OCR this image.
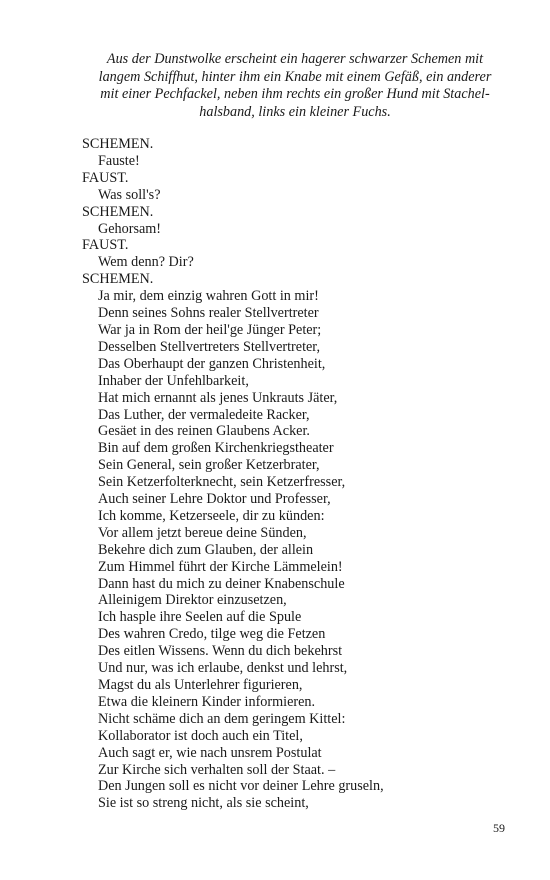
Aus der Dunstwolke erscheint ein hagerer schwarzer Schemen mit
langem Schiffhut, hinter ihm ein Knabe mit einem Gefäß, ein anderer
mit einer Pechfackel, neben ihm rechts ein großer Hund mit Stachel-
halsband, links ein kleiner Fuchs.

SCHEMEN.
Fauste!
FAUST.
Was soll's?
SCHEMEN.
Gehorsam!
FAUST.
Wem denn? Dir?
SCHEMEN.
Ja mir, dem einzig wahren Gott in mir!
Denn seines Sohns realer Stellvertreter
War ja in Rom der heil'ge Jünger Peter;
Desselben Stellvertreters Stellvertreter,
Das Oberhaupt der ganzen Christenheit,
Inhaber der Unfehlbarkeit,
Hat mich ernannt als jenes Unkrauts Jäter,
Das Luther, der vermaledeite Racker,
Gesäet in des reinen Glaubens Acker.
Bin auf dem großen Kirchenkriegstheater
Sein General, sein großer Ketzerbrater,
Sein Ketzerfolterknecht, sein Ketzerfresser,
Auch seiner Lehre Doktor und Professer,
Ich komme, Ketzerseele, dir zu künden:
Vor allem jetzt bereue deine Sünden,
Bekehre dich zum Glauben, der allein
Zum Himmel führt der Kirche Lämmelein!
Dann hast du mich zu deiner Knabenschule
Alleinigem Direktor einzusetzen,
Ich hasple ihre Seelen auf die Spule
Des wahren Credo, tilge weg die Fetzen
Des eitlen Wissens. Wenn du dich bekehrst
Und nur, was ich erlaube, denkst und lehrst,
Magst du als Unterlehrer figurieren,
Etwa die kleinern Kinder informieren.
Nicht schäme dich an dem geringem Kittel:
Kollaborator ist doch auch ein Titel,
Auch sagt er, wie nach unsrem Postulat
Zur Kirche sich verhalten soll der Staat. –
Den Jungen soll es nicht vor deiner Lehre gruseln,
Sie ist so streng nicht, als sie scheint,
59
